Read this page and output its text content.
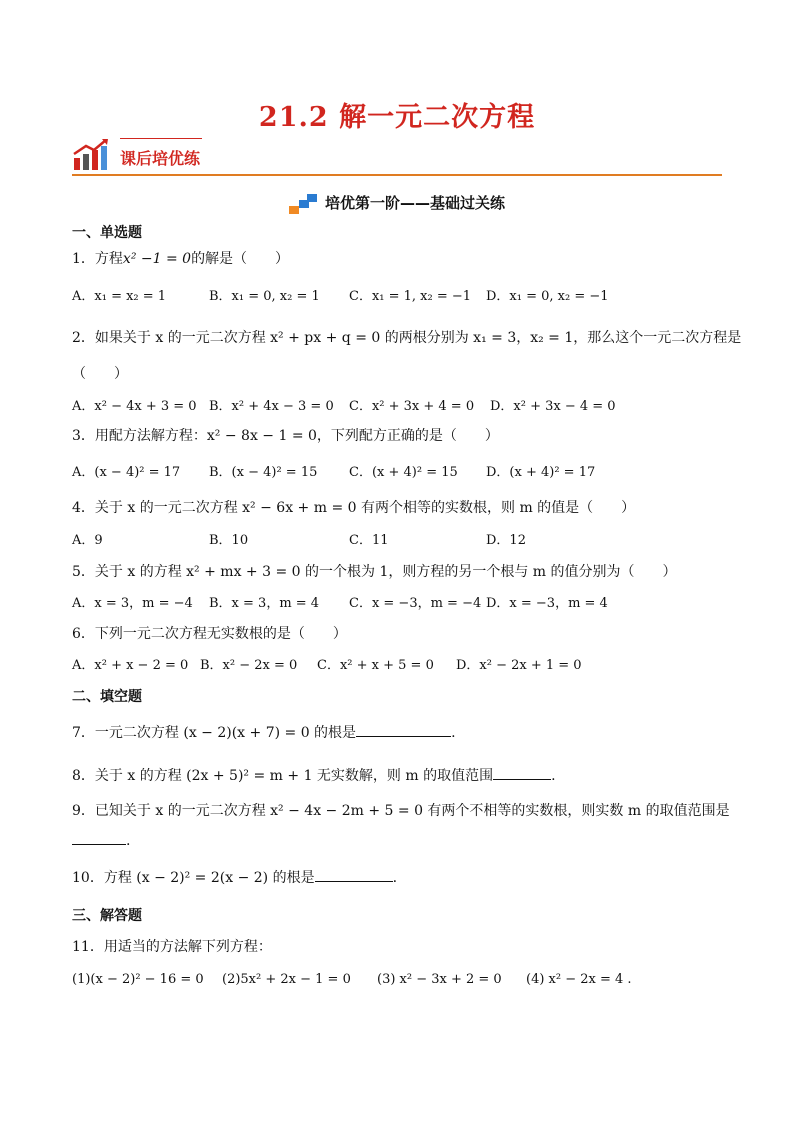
21.2 解一元二次方程
课后培优练
培优第一阶——基础过关练
一、单选题
1．方程x² −1 = 0的解是（　　）
A．x₁ = x₂ = 1	B．x₁ = 0, x₂ = 1 C．x₁ = 1, x₂ = −1 D．x₁ = 0, x₂ = −1
2．如果关于 x 的一元二次方程 x² + px + q = 0 的两根分别为 x₁ = 3，x₂ = 1，那么这个一元二次方程是
（　　）
A．x² − 4x + 3 = 0 B．x² + 4x − 3 = 0 C．x² + 3x + 4 = 0 D．x² + 3x − 4 = 0
3．用配方法解方程：x² − 8x − 1 = 0，下列配方正确的是（　　）
A．(x − 4)² = 17 B．(x − 4)² = 15 C．(x + 4)² = 15 D．(x + 4)² = 17
4．关于 x 的一元二次方程 x² − 6x + m = 0 有两个相等的实数根，则 m 的值是（　　）
A．9	B．10	C．11	D．12
5．关于 x 的方程 x² + mx + 3 = 0 的一个根为 1，则方程的另一个根与 m 的值分别为（　　）
A．x = 3，m = −4 B．x = 3，m = 4 C．x = −3，m = −4 D．x = −3，m = 4
6．下列一元二次方程无实数根的是（　　）
A．x² + x − 2 = 0 B．x² − 2x = 0 C．x² + x + 5 = 0 D．x² − 2x + 1 = 0
二、填空题
7．一元二次方程 (x − 2)(x + 7) = 0 的根是	.
8．关于 x 的方程 (2x + 5)² = m + 1 无实数解，则 m 的取值范围	.
9．已知关于 x 的一元二次方程 x² − 4x − 2m + 5 = 0 有两个不相等的实数根，则实数 m 的取值范围是
.
10．方程 (x − 2)² = 2(x − 2) 的根是	.
三、解答题
11．用适当的方法解下列方程：
(1)(x − 2)² − 16 = 0 (2)5x² + 2x − 1 = 0 (3) x² − 3x + 2 = 0 (4) x² − 2x = 4 .
